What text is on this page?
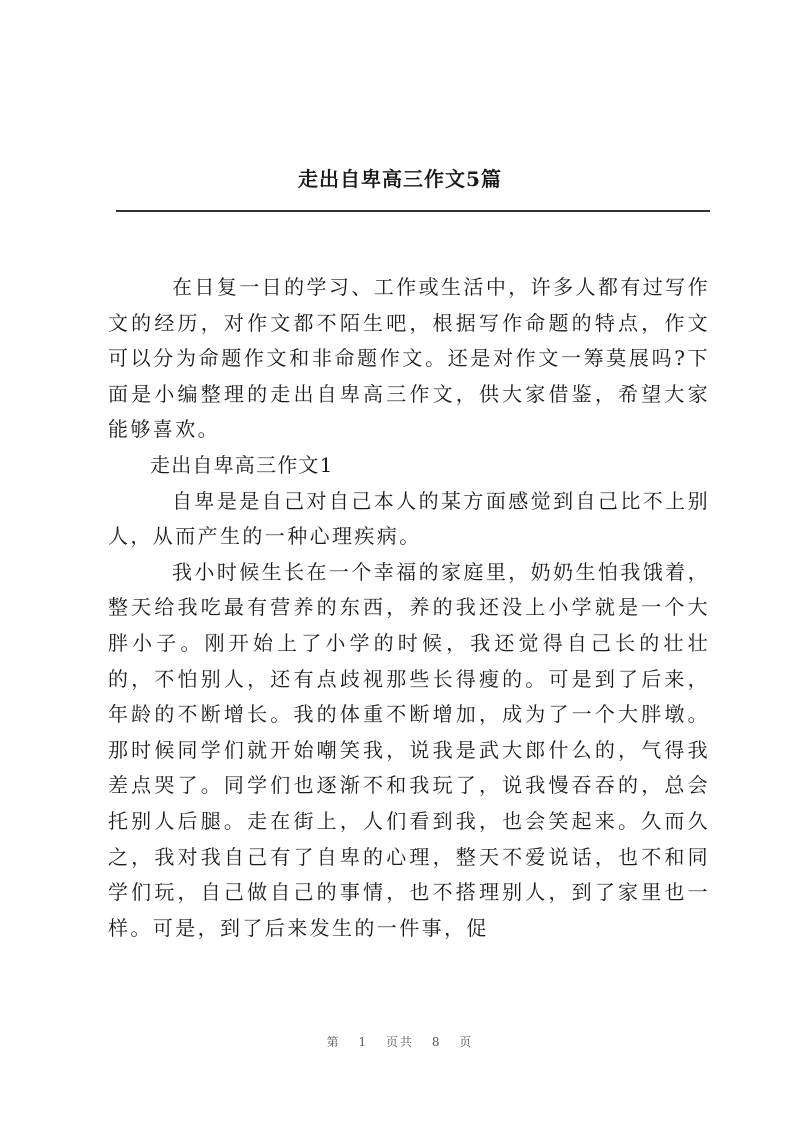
走出自卑高三作文5篇

在日复一日的学习、工作或生活中，许多人都有过写作文的经历，对作文都不陌生吧，根据写作命题的特点，作文可以分为命题作文和非命题作文。还是对作文一筹莫展吗?下面是小编整理的走出自卑高三作文，供大家借鉴，希望大家能够喜欢。

走出自卑高三作文1

自卑是是自己对自己本人的某方面感觉到自己比不上别人，从而产生的一种心理疾病。

我小时候生长在一个幸福的家庭里，奶奶生怕我饿着，整天给我吃最有营养的东西，养的我还没上小学就是一个大胖小子。刚开始上了小学的时候，我还觉得自己长的壮壮的，不怕别人，还有点歧视那些长得瘦的。可是到了后来，年龄的不断增长。我的体重不断增加，成为了一个大胖墩。那时候同学们就开始嘲笑我，说我是武大郎什么的，气得我差点哭了。同学们也逐渐不和我玩了，说我慢吞吞的，总会托别人后腿。走在街上，人们看到我，也会笑起来。久而久之，我对我自己有了自卑的心理，整天不爱说话，也不和同学们玩，自己做自己的事情，也不搭理别人，到了家里也一样。可是，到了后来发生的一件事，促

第 1 页共 8 页
